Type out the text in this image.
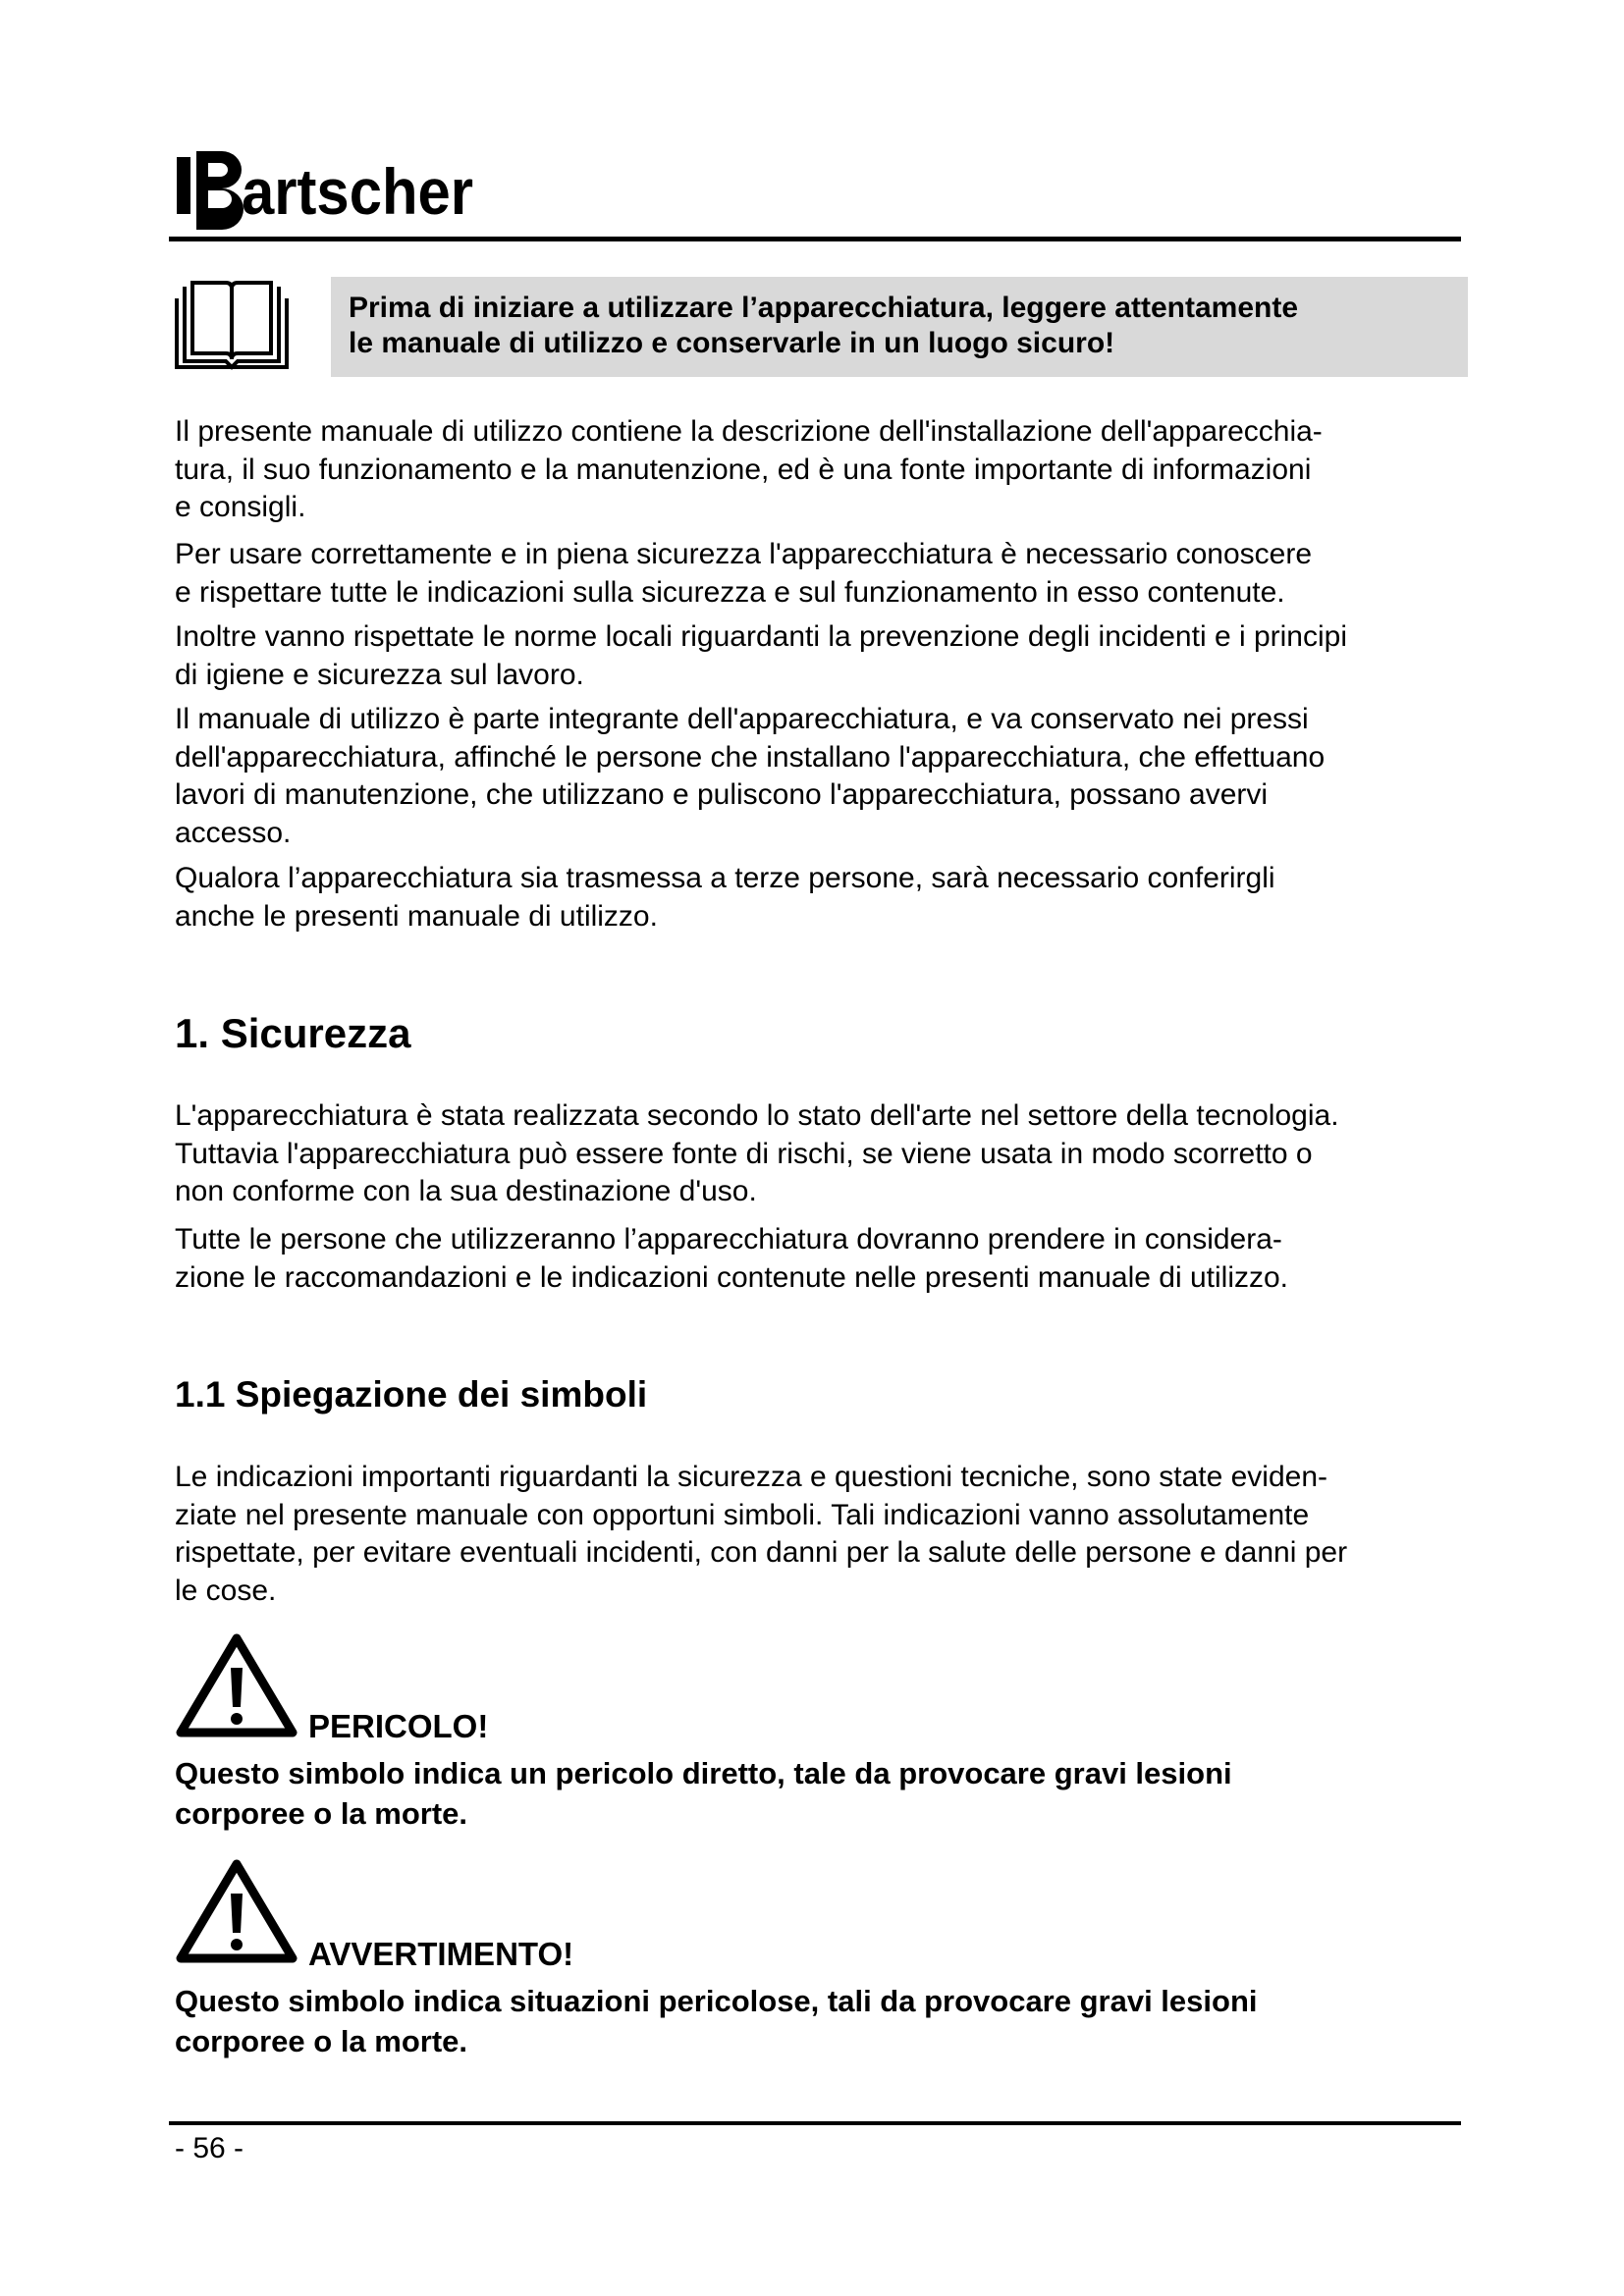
artscher
Prima di iniziare a utilizzare l’apparecchiatura, leggere attentamente
le manuale di utilizzo e conservarle in un luogo sicuro!
Il presente manuale di utilizzo contiene la descrizione dell'installazione dell'apparecchia-
tura, il suo funzionamento e la manutenzione, ed è una fonte importante di informazioni
e consigli.
Per usare correttamente e in piena sicurezza l'apparecchiatura è necessario conoscere
e rispettare tutte le indicazioni sulla sicurezza e sul funzionamento in esso contenute.
Inoltre vanno rispettate le norme locali riguardanti la prevenzione degli incidenti e i principi
di igiene e sicurezza sul lavoro.
Il manuale di utilizzo è parte integrante dell'apparecchiatura, e va conservato nei pressi
dell'apparecchiatura, affinché le persone che installano l'apparecchiatura, che effettuano
lavori di manutenzione, che utilizzano e puliscono l'apparecchiatura, possano avervi
accesso.
Qualora l’apparecchiatura sia trasmessa a terze persone, sarà necessario conferirgli
anche le presenti manuale di utilizzo.
1. Sicurezza
L'apparecchiatura è stata realizzata secondo lo stato dell'arte nel settore della tecnologia.
Tuttavia l'apparecchiatura può essere fonte di rischi, se viene usata in modo scorretto o
non conforme con la sua destinazione d'uso.
Tutte le persone che utilizzeranno l’apparecchiatura dovranno prendere in considera-
zione le raccomandazioni e le indicazioni contenute nelle presenti manuale di utilizzo.
1.1 Spiegazione dei simboli
Le indicazioni importanti riguardanti la sicurezza e questioni tecniche, sono state eviden-
ziate nel presente manuale con opportuni simboli. Tali indicazioni vanno assolutamente
rispettate, per evitare eventuali incidenti, con danni per la salute delle persone e danni per
le cose.
PERICOLO!
Questo simbolo indica un pericolo diretto, tale da provocare gravi lesioni
corporee o la morte.
AVVERTIMENTO!
Questo simbolo indica situazioni pericolose, tali da provocare gravi lesioni
corporee o la morte.
- 56 -
